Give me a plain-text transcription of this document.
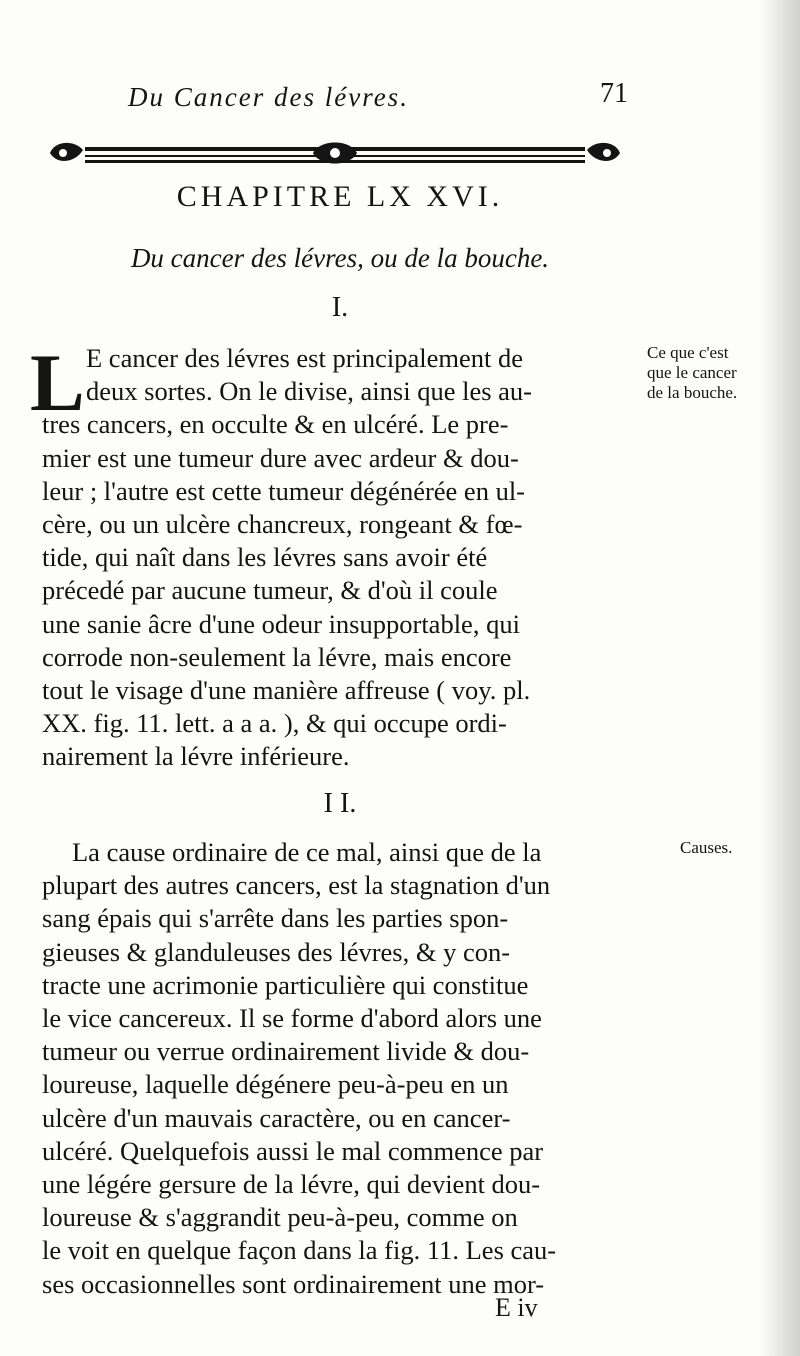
Du Cancer des lévres.	71
CHAPITRE LX XVI.
Du cancer des lévres, ou de la bouche.
I.
L E cancer des lévres est principalement de
deux sortes. On le divise, ainsi que les au-
tres cancers, en occulte & en ulcéré. Le pre-
mier est une tumeur dure avec ardeur & dou-
leur ; l'autre est cette tumeur dégénérée en ul-
cère, ou un ulcère chancreux, rongeant & fœ-
tide, qui naît dans les lévres sans avoir été
précedé par aucune tumeur, & d'où il coule
une sanie âcre d'une odeur insupportable, qui
corrode non-seulement la lévre, mais encore
tout le visage d'une manière affreuse ( voy. pl.
XX. fig. 11. lett. a a a. ), & qui occupe ordi-
nairement la lévre inférieure.
I I.
La cause ordinaire de ce mal, ainsi que de la
plupart des autres cancers, est la stagnation d'un
sang épais qui s'arrête dans les parties spon-
gieuses & glanduleuses des lévres, & y con-
tracte une acrimonie particulière qui constitue
le vice cancereux. Il se forme d'abord alors une
tumeur ou verrue ordinairement livide & dou-
loureuse, laquelle dégénere peu-à-peu en un
ulcère d'un mauvais caractère, ou en cancer-
ulcéré. Quelquefois aussi le mal commence par
une légére gersure de la lévre, qui devient dou-
loureuse & s'aggrandit peu-à-peu, comme on
le voit en quelque façon dans la fig. 11. Les cau-
ses occasionnelles sont ordinairement une mor-
Ce que c'est
que le cancer
de la bouche.
Causes.
E iv
